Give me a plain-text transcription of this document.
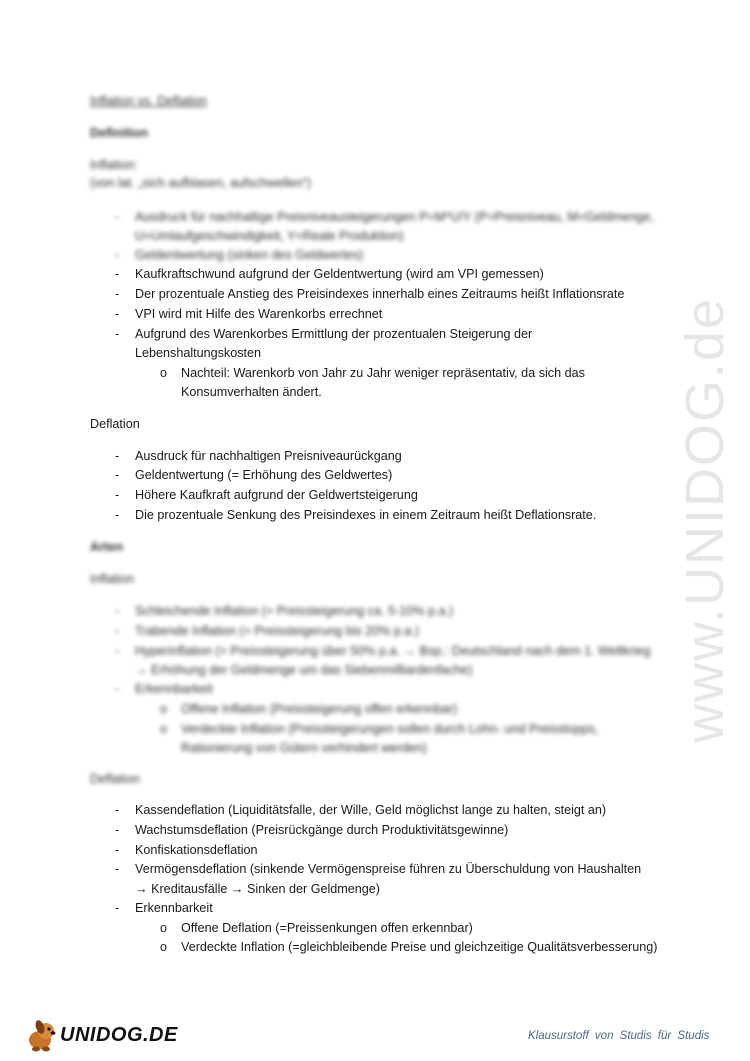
www.UNIDOG.de
Inflation vs. Deflation
Definition
Inflation:
(von lat. „sich aufblasen, aufschwellen“)
- Ausdruck für nachhaltige Preisniveausteigerungen P=M*U/Y (P=Preisniveau, M=Geldmenge,
U=Umlaufgeschwindigkeit, Y=Reale Produktion)
- Geldentwertung (sinken des Geldwertes)
- Kaufkraftschwund aufgrund der Geldentwertung (wird am VPI gemessen)
- Der prozentuale Anstieg des Preisindexes innerhalb eines Zeitraums heißt Inflationsrate
- VPI wird mit Hilfe des Warenkorbs errechnet
- Aufgrund des Warenkorbes Ermittlung der prozentualen Steigerung der
Lebenshaltungskosten
o Nachteil: Warenkorb von Jahr zu Jahr weniger repräsentativ, da sich das
Konsumverhalten ändert.
Deflation
- Ausdruck für nachhaltigen Preisniveaurückgang
- Geldentwertung (= Erhöhung des Geldwertes)
- Höhere Kaufkraft aufgrund der Geldwertsteigerung
- Die prozentuale Senkung des Preisindexes in einem Zeitraum heißt Deflationsrate.
Arten
Inflation
- Schleichende Inflation (= Preissteigerung ca. 5-10% p.a.)
- Trabende Inflation (= Preissteigerung bis 20% p.a.)
- Hyperinflation (= Preissteigerung über 50% p.a. → Bsp.: Deutschland nach dem 1. Weltkrieg
→ Erhöhung der Geldmenge um das Siebenmilliardenfache)
- Erkennbarkeit
o Offene Inflation (Preissteigerung offen erkennbar)
o Verdeckte Inflation (Preissteigerungen sollen durch Lohn- und Preisstopps,
Rationierung von Gütern verhindert werden)
Deflation
- Kassendeflation (Liquiditätsfalle, der Wille, Geld möglichst lange zu halten, steigt an)
- Wachstumsdeflation (Preisrückgänge durch Produktivitätsgewinne)
- Konfiskationsdeflation
- Vermögensdeflation (sinkende Vermögenspreise führen zu Überschuldung von Haushalten
→ Kreditausfälle → Sinken der Geldmenge)
- Erkennbarkeit
o Offene Deflation (=Preissenkungen offen erkennbar)
o Verdeckte Inflation (=gleichbleibende Preise und gleichzeitige Qualitätsverbesserung)
UNIDOG.DE	Klausurstoff von Studis für Studis
